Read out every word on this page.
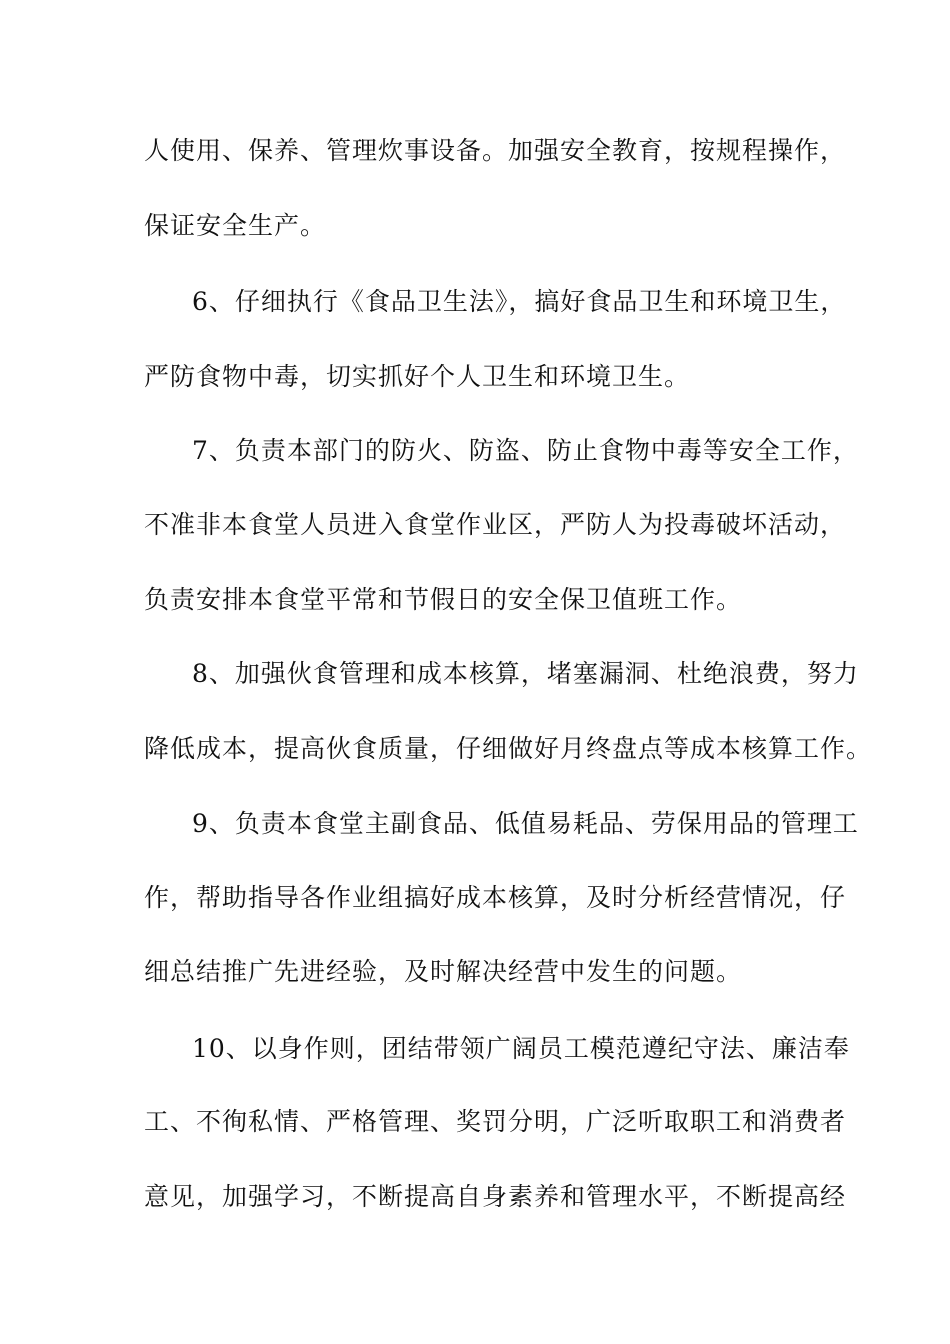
人使用、保养、管理炊事设备。加强安全教育，按规程操作，
保证安全生产。
6、仔细执行《食品卫生法》，搞好食品卫生和环境卫生，
严防食物中毒，切实抓好个人卫生和环境卫生。
7、负责本部门的防火、防盗、防止食物中毒等安全工作，
不准非本食堂人员进入食堂作业区，严防人为投毒破坏活动，
负责安排本食堂平常和节假日的安全保卫值班工作。
8、加强伙食管理和成本核算，堵塞漏洞、杜绝浪费，努力
降低成本，提高伙食质量，仔细做好月终盘点等成本核算工作。
9、负责本食堂主副食品、低值易耗品、劳保用品的管理工
作，帮助指导各作业组搞好成本核算，及时分析经营情况，仔
细总结推广先进经验，及时解决经营中发生的问题。
10、以身作则，团结带领广阔员工模范遵纪守法、廉洁奉
工、不徇私情、严格管理、奖罚分明，广泛听取职工和消费者
意见，加强学习，不断提高自身素养和管理水平，不断提高经
